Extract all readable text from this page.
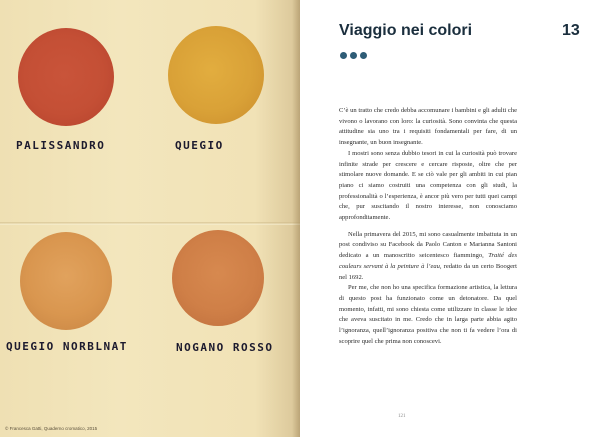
PALISSANDRO	QUEGIO
QUEGIO NORBLNAT	NOGANO ROSSO
© Francesca Gatti, Quaderno cromatico, 2015
Viaggio nei colori	13

C’è un tratto che credo debba accomunare i bambini e gli adulti che vivono o lavorano con loro: la curiosità. Sono convinta che questa attitudine sia uno tra i requisiti fondamentali per fare, di un insegnante, un buon insegnante.

I mostri sono senza dubbio tesori in cui la curiosità può trovare infinite strade per crescere e cercare risposte, oltre che per stimolare nuove domande. E se ciò vale per gli ambiti in cui pian piano ci siamo costruiti una competenza con gli studi, la professionalità o l’esperienza, è ancor più vero per tutti quei campi che, pur suscitando il nostro interesse, non conosciamo approfonditamente.

Nella primavera del 2015, mi sono casualmente imbattuta in un post condiviso su Facebook da Paolo Canton e Marianna Santoni dedicato a un manoscritto seicentesco fiammingo, Traité des couleurs servant à la peinture à l’eau, redatto da un certo Boogert nel 1692.

Per me, che non ho una specifica formazione artistica, la lettura di questo post ha funzionato come un detonatore. Da quel momento, infatti, mi sono chiesta come utilizzare in classe le idee che aveva suscitato in me. Credo che in larga parte abbia agito l’ignoranza, quell’ignoranza positiva che non ti fa vedere l’ora di scoprire quel che prima non conoscevi.

121
